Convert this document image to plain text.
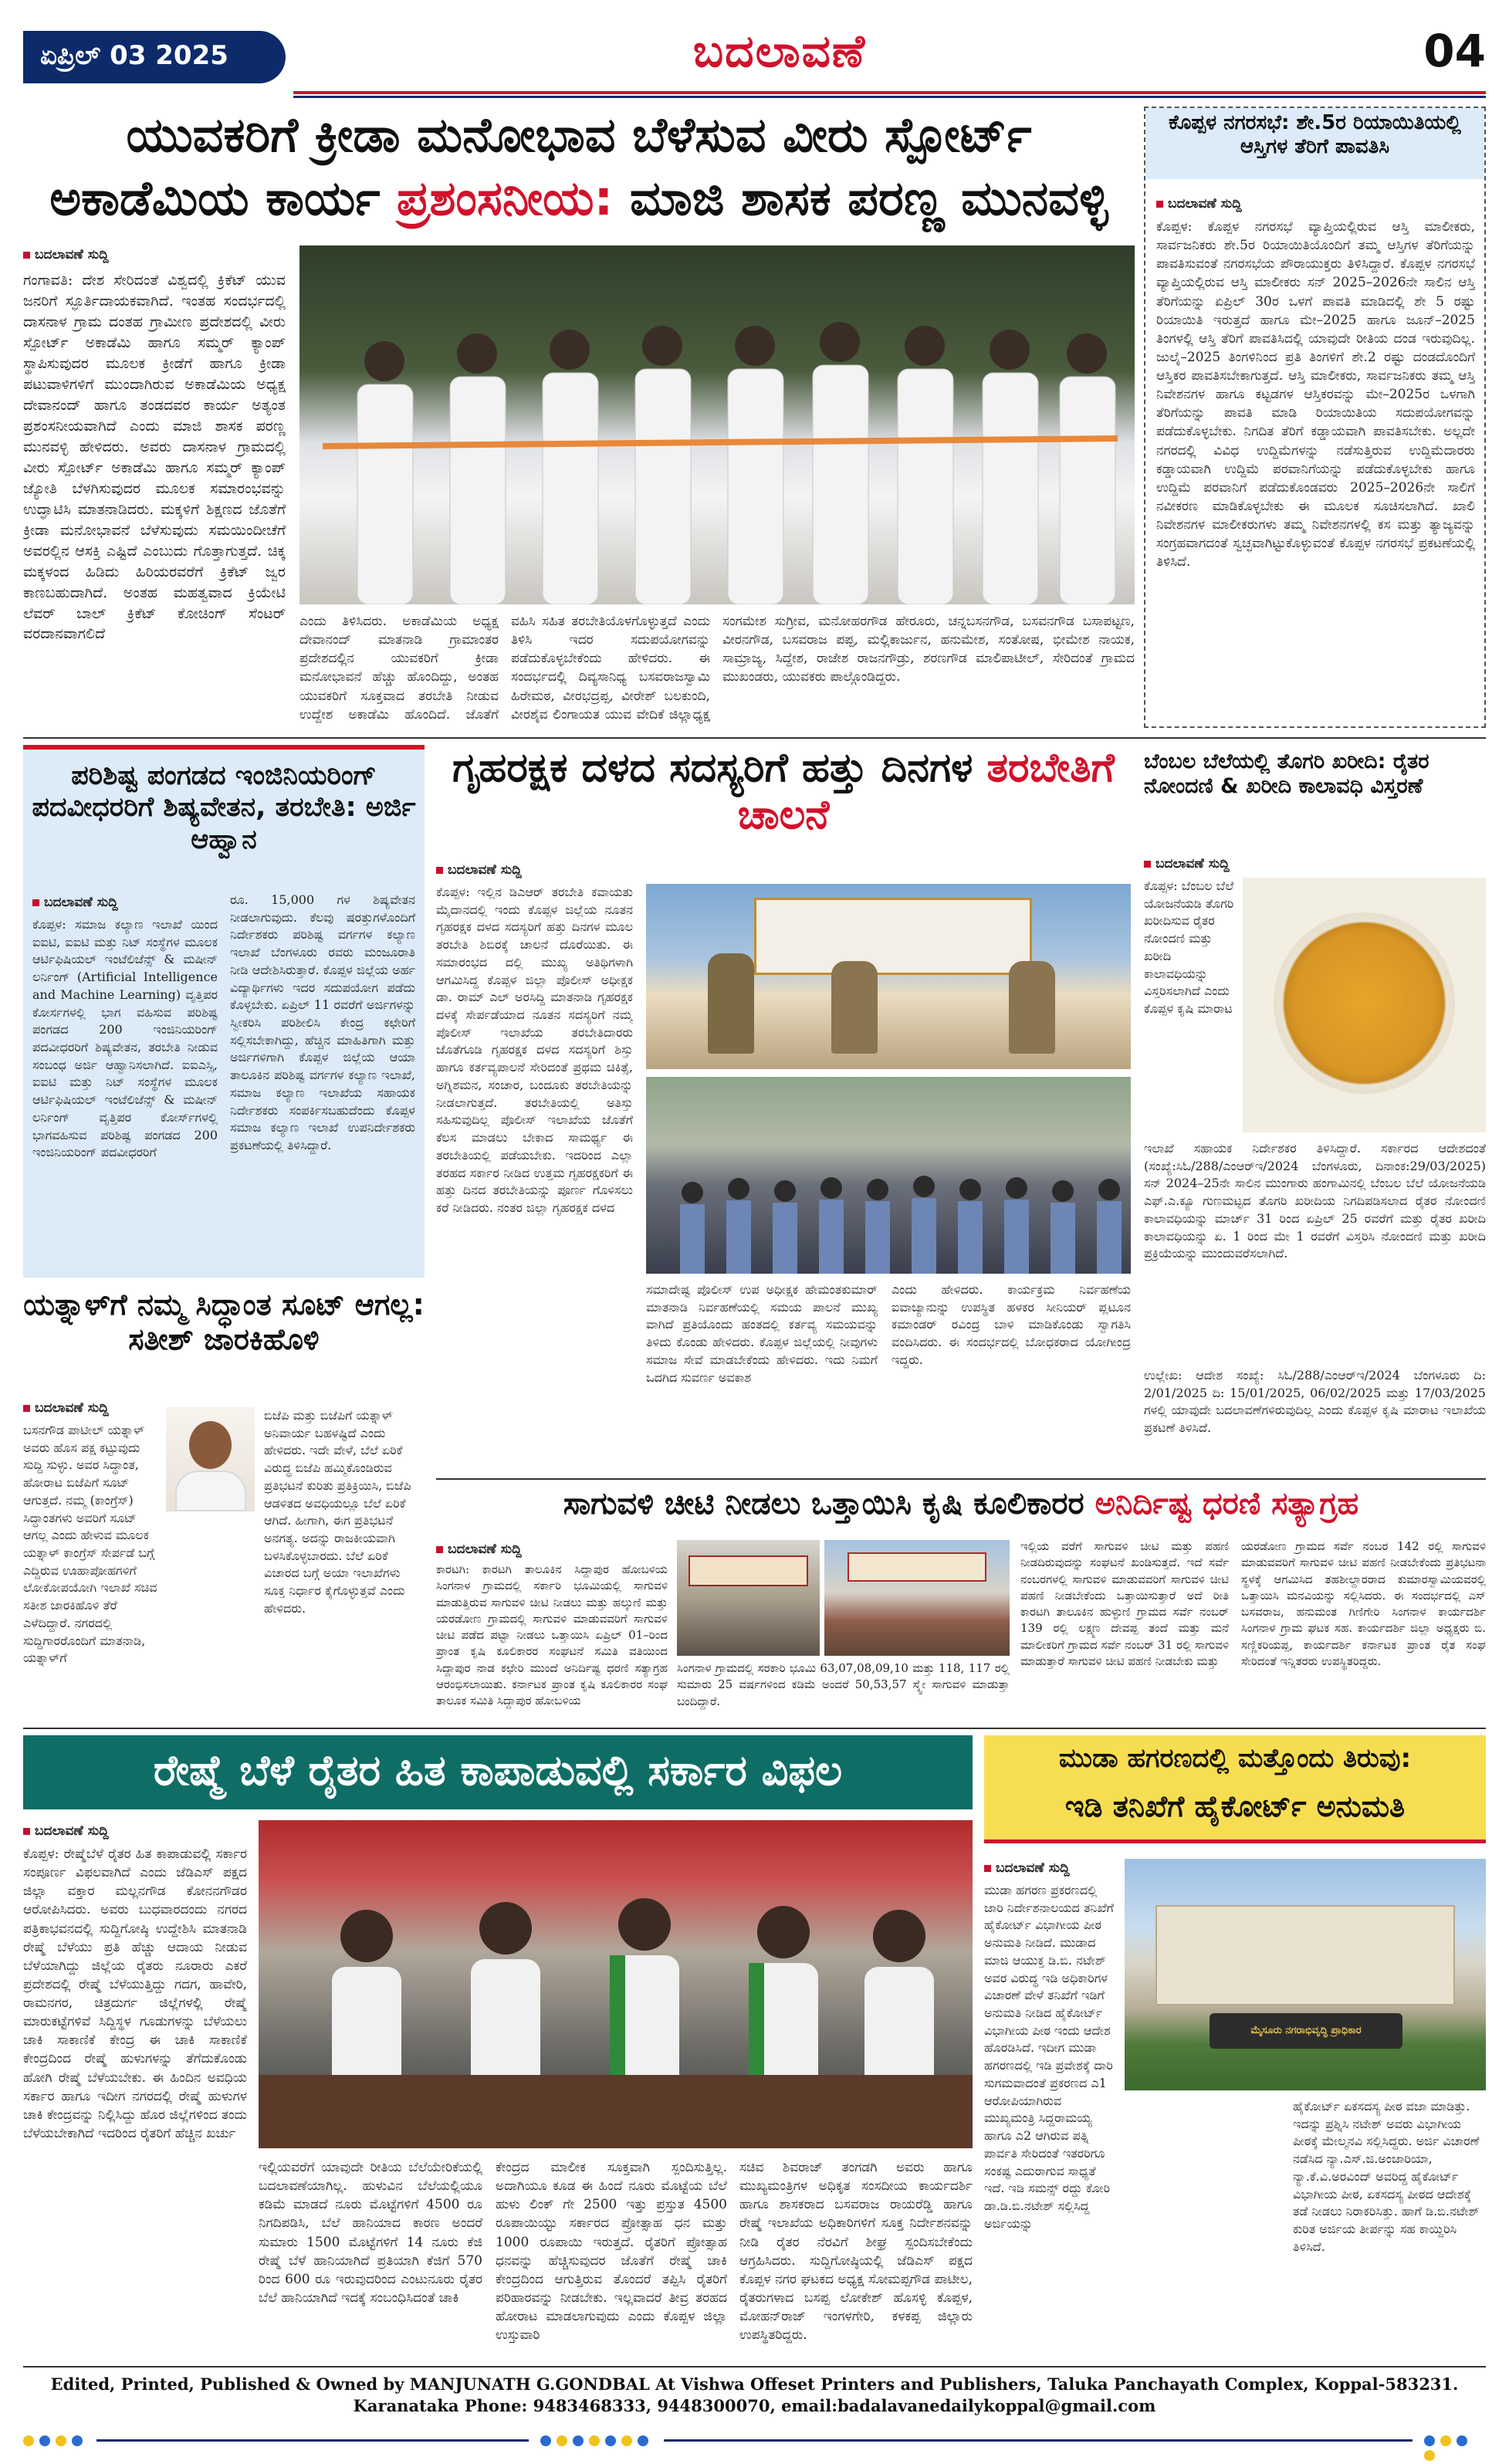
ಏಪ್ರಿಲ್ 03 2025	ಬದಲಾವಣೆ	04
ಯುವಕರಿಗೆ ಕ್ರೀಡಾ ಮನೋಭಾವ ಬೆಳೆಸುವ ವೀರು ಸ್ಪೋರ್ಟ್
ಅಕಾಡೆಮಿಯ ಕಾರ್ಯ ಪ್ರಶಂಸನೀಯ: ಮಾಜಿ ಶಾಸಕ ಪರಣ್ಣ ಮುನವಳ್ಳಿ
ಬದಲಾವಣೆ ಸುದ್ದಿ
ಗಂಗಾವತಿ: ದೇಶ ಸೇರಿದಂತೆ ವಿಶ್ವದಲ್ಲಿ ಕ್ರಿಕೆಟ್ ಯುವ ಜನರಿಗೆ ಸ್ಫೂರ್ತಿದಾಯಕವಾಗಿದೆ. ಇಂತಹ ಸಂದರ್ಭದಲ್ಲಿ ದಾಸನಾಳ ಗ್ರಾಮ ದಂತಹ ಗ್ರಾಮೀಣ ಪ್ರದೇಶದಲ್ಲಿ ವೀರು ಸ್ಪೋರ್ಟ್ ಅಕಾಡೆಮಿ ಹಾಗೂ ಸಮ್ಮರ್ ಕ್ಯಾಂಪ್ ಸ್ಥಾಪಿಸುವುದರ ಮೂಲಕ ಕ್ರೀಡೆಗೆ ಹಾಗೂ ಕ್ರೀಡಾ ಪಟುವಾಳಿಗಳಿಗೆ ಮುಂದಾಗಿರುವ ಅಕಾಡೆಮಿಯ ಅಧ್ಯಕ್ಷ ದೇವಾನಂದ್ ಹಾಗೂ ತಂಡದವರ ಕಾರ್ಯ ಅತ್ಯಂತ ಪ್ರಶಂಸನೀಯವಾಗಿದೆ ಎಂದು ಮಾಜಿ ಶಾಸಕ ಪರಣ್ಣ ಮುನವಳ್ಳಿ ಹೇಳಿದರು. ಅವರು ದಾಸನಾಳ ಗ್ರಾಮದಲ್ಲಿ ವೀರು ಸ್ಪೋರ್ಟ್ ಅಕಾಡೆಮಿ ಹಾಗೂ ಸಮ್ಮರ್ ಕ್ಯಾಂಪ್ ಜ್ಯೋತಿ ಬೆಳಗಿಸುವುದರ ಮೂಲಕ ಸಮಾರಂಭವನ್ನು ಉದ್ಘಾಟಿಸಿ ಮಾತನಾಡಿದರು. ಮಕ್ಕಳಿಗೆ ಶಿಕ್ಷಣದ ಜೊತೆಗೆ ಕ್ರೀಡಾ ಮನೋಭಾವನೆ ಬೆಳೆಸುವುದು ಸಮಯಿಂದೀಚೆಗೆ ಅವರಲ್ಲಿನ ಆಸಕ್ತಿ ಎಷ್ಟಿದೆ ಎಂಬುದು ಗೊತ್ತಾಗುತ್ತದೆ. ಚಿಕ್ಕ ಮಕ್ಕಳಂದ ಹಿಡಿದು ಹಿರಿಯರವರೆಗೆ ಕ್ರಿಕೆಟ್ ಜ್ವರ ಕಾಣಬಹುದಾಗಿದೆ. ಅಂತಹ ಮಹತ್ವವಾದ ಕ್ರಿಯೇಟಿ ಲೆವರ್ ಬಾಲ್ ಕ್ರಿಕೆಟ್ ಕೋಚಿಂಗ್ ಸೆಂಟರ್ ವರದಾನವಾಗಲಿದೆ
ಎಂದು ತಿಳಿಸಿದರು. ಅಕಾಡೆಮಿಯ ಅಧ್ಯಕ್ಷ ದೇವಾನಂದ್ ಮಾತನಾಡಿ ಗ್ರಾಮಾಂತರ ಪ್ರದೇಶದಲ್ಲಿನ ಯುವಕರಿಗೆ ಕ್ರೀಡಾ ಮನೋಭಾವನೆ ಹೆಚ್ಚು ಹೊಂದಿದ್ದು, ಅಂತಹ ಯುವಕರಿಗೆ ಸೂಕ್ತವಾದ ತರಬೇತಿ ನೀಡುವ ಉದ್ದೇಶ ಅಕಾಡೆಮಿ ಹೊಂದಿದೆ. ಜೊತೆಗೆ
ವಹಿಸಿ ಸಹಿತ ತರಬೇತಿಯೊಳಗೊಳ್ಳುತ್ತದೆ ಎಂದು ತಿಳಿಸಿ ಇದರ ಸದುಪಯೋಗವನ್ನು ಪಡೆದುಕೊಳ್ಳಬೇಕೆಂದು ಹೇಳಿದರು. ಈ ಸಂದರ್ಭದಲ್ಲಿ ದಿವ್ಯಸಾನಿಧ್ಯ ಬಸವರಾಜಸ್ವಾಮಿ ಹಿರೇಮಠ, ವೀರಭದ್ರಪ್ಪ, ವೀರೇಶ್ ಬಲಕುಂದಿ, ವೀರಶೈವ ಲಿಂಗಾಯತ ಯುವ ವೇದಿಕೆ ಜಿಲ್ಲಾಧ್ಯಕ್ಷ
ಸಂಗಮೇಶ ಸುಗ್ರೀವ, ಮನೋಹರಗೌಡ ಹೇರೂರು, ಚನ್ನಬಸನಗೌಡ, ಬಸವನಗೌಡ ಬಸಾಪಟ್ಟಣ, ವೀರನಗೌಡ, ಬಸವರಾಜ ಪಪ್ಪ, ಮಲ್ಲಿಕಾರ್ಜುನ, ಹನುಮೇಶ, ಸಂತೋಷ, ಭೀಮೇಶ ನಾಯಕ, ಸಾಮ್ರಾಜ್ಯ, ಸಿದ್ದೇಶ, ರಾಜೇಶ ರಾಜನಗೌಡ್ರು, ಶರಣಗೌಡ ಮಾಲಿಪಾಟೀಲ್, ಸೇರಿದಂತೆ ಗ್ರಾಮದ ಮುಖಂಡರು, ಯುವಕರು ಪಾಲ್ಗೊಂಡಿದ್ದರು.
ಕೊಪ್ಪಳ ನಗರಸಭೆ: ಶೇ.5ರ ರಿಯಾಯಿತಿಯಲ್ಲಿ ಆಸ್ತಿಗಳ ತೆರಿಗೆ ಪಾವತಿಸಿ
ಬದಲಾವಣೆ ಸುದ್ದಿ
ಕೊಪ್ಪಳ: ಕೊಪ್ಪಳ ನಗರಸಭೆ ವ್ಯಾಪ್ತಿಯಲ್ಲಿರುವ ಆಸ್ತಿ ಮಾಲೀಕರು, ಸಾರ್ವಜನಿಕರು ಶೇ.5ರ ರಿಯಾಯಿತಿಯೊಂದಿಗೆ ತಮ್ಮ ಆಸ್ತಿಗಳ ತೆರಿಗೆಯನ್ನು ಪಾವತಿಸುವಂತೆ ನಗರಸಭೆಯ ಪೌರಾಯುಕ್ತರು ತಿಳಿಸಿದ್ದಾರೆ. ಕೊಪ್ಪಳ ನಗರಸಭೆ ವ್ಯಾಪ್ತಿಯಲ್ಲಿರುವ ಆಸ್ತಿ ಮಾಲೀಕರು ಸನ್ 2025–2026ನೇ ಸಾಲಿನ ಆಸ್ತಿ ತೆರಿಗೆಯನ್ನು ಏಪ್ರಿಲ್ 30ರ ಒಳಗೆ ಪಾವತಿ ಮಾಡಿದಲ್ಲಿ ಶೇ 5 ರಷ್ಟು ರಿಯಾಯಿತಿ ಇರುತ್ತದೆ ಹಾಗೂ ಮೇ–2025 ಹಾಗೂ ಜೂನ್–2025 ತಿಂಗಳಲ್ಲಿ ಆಸ್ತಿ ತೆರಿಗೆ ಪಾವತಿಸಿದಲ್ಲಿ ಯಾವುದೇ ರೀತಿಯ ದಂಡ ಇರುವುದಿಲ್ಲ. ಜುಲೈ–2025 ತಿಂಗಳಿನಿಂದ ಪ್ರತಿ ತಿಂಗಳಿಗೆ ಶೇ.2 ರಷ್ಟು ದಂಡದೊಂದಿಗೆ ಆಸ್ತಿಕರ ಪಾವತಿಸಬೇಕಾಗುತ್ತದೆ. ಆಸ್ತಿ ಮಾಲೀಕರು, ಸಾರ್ವಜನಿಕರು ತಮ್ಮ ಆಸ್ತಿ ನಿವೇಶನಗಳ ಹಾಗೂ ಕಟ್ಟಡಗಳ ಆಸ್ತಿಕರವನ್ನು ಮೇ–2025ರ ಒಳಗಾಗಿ ತೆರಿಗೆಯನ್ನು ಪಾವತಿ ಮಾಡಿ ರಿಯಾಯಿತಿಯ ಸದುಪಯೋಗವನ್ನು ಪಡೆದುಕೊಳ್ಳಬೇಕು. ನಿಗದಿತ ತೆರಿಗೆ ಕಡ್ಡಾಯವಾಗಿ ಪಾವತಿಸಬೇಕು. ಅಲ್ಲದೇ ನಗರದಲ್ಲಿ ವಿವಿಧ ಉದ್ದಿಮೆಗಳನ್ನು ನಡೆಸುತ್ತಿರುವ ಉದ್ದಿಮೆದಾರರು ಕಡ್ಡಾಯವಾಗಿ ಉದ್ದಿಮೆ ಪರವಾನಿಗೆಯನ್ನು ಪಡೆದುಕೊಳ್ಳಬೇಕು ಹಾಗೂ ಉದ್ದಿಮೆ ಪರವಾನಿಗೆ ಪಡೆದುಕೊಂಡವರು 2025–2026ನೇ ಸಾಲಿಗೆ ನವೀಕರಣ ಮಾಡಿಕೊಳ್ಳಬೇಕು ಈ ಮೂಲಕ ಸೂಚಿಸಲಾಗಿದೆ. ಖಾಲಿ ನಿವೇಶನಗಳ ಮಾಲೀಕರುಗಳು ತಮ್ಮ ನಿವೇಶನಗಳಲ್ಲಿ ಕಸ ಮತ್ತು ತ್ಯಾಜ್ಯವನ್ನು ಸಂಗ್ರಹವಾಗದಂತೆ ಸ್ವಚ್ಛವಾಗಿಟ್ಟುಕೊಳ್ಳುವಂತೆ ಕೊಪ್ಪಳ ನಗರಸಭೆ ಪ್ರಕಟಣೆಯಲ್ಲಿ ತಿಳಿಸಿದೆ.
ಪರಿಶಿಷ್ಟ ಪಂಗಡದ ಇಂಜಿನಿಯರಿಂಗ್ ಪದವೀಧರರಿಗೆ ಶಿಷ್ಯವೇತನ, ತರಬೇತಿ: ಅರ್ಜಿ ಆಹ್ವಾನ
ಬದಲಾವಣೆ ಸುದ್ದಿ
ಕೊಪ್ಪಳ: ಸಮಾಜ ಕಲ್ಯಾಣ ಇಲಾಖೆ ಯಿಂದ ಐಐಟಿ, ಐಐಟಿ ಮತ್ತು ನಿಟ್ ಸಂಸ್ಥೆಗಳ ಮೂಲಕ ಆರ್ಟಿಫಿಷಿಯಲ್ ಇಂಟೆಲಿಜೆನ್ಸ್ & ಮಷೀನ್ ಲರ್ನಿಂಗ್ (Artificial Intelligence and Machine Learning) ವೃತ್ತಿಪರ ಕೋರ್ಸಗಳಲ್ಲಿ ಭಾಗ ವಹಿಸುವ ಪರಿಶಿಷ್ಟ ಪಂಗಡದ 200 ಇಂಜಿನಿಯರಿಂಗ್ ಪದವೀಧರರಿಗೆ ಶಿಷ್ಯವೇತನ, ತರಬೇತಿ ನೀಡುವ ಸಂಬಂಧ ಅರ್ಜಿ ಆಹ್ವಾನಿಸಲಾಗಿದೆ. ಐಐಎಸ್ಸಿ, ಐಐಟಿ ಮತ್ತು ನಿಟ್ ಸಂಸ್ಥೆಗಳ ಮೂಲಕ ಆರ್ಟಿಫಿಷಿಯಲ್ ಇಂಟೆಲಿಜೆನ್ಸ್ & ಮಷೀನ್ ಲರ್ನಿಂಗ್ ವೃತ್ತಿಪರ ಕೋರ್ಸ್‌ಗಳಲ್ಲಿ ಭಾಗವಹಿಸುವ ಪರಿಶಿಷ್ಟ ಪಂಗಡದ 200 ಇಂಜಿನಿಯರಿಂಗ್ ಪದವೀಧರರಿಗೆ
ರೂ. 15,000 ಗಳ ಶಿಷ್ಯವೇತನ ನೀಡಲಾಗುವುದು. ಕೆಲವು ಷರತ್ತುಗಳೊಂದಿಗೆ ನಿರ್ದೇಶಕರು ಪರಿಶಿಷ್ಟ ವರ್ಗಗಳ ಕಲ್ಯಾಣ ಇಲಾಖೆ ಬೆಂಗಳೂರು ರವರು ಮಂಜೂರಾತಿ ನೀಡಿ ಆದೇಶಿಸಿರುತ್ತಾರೆ. ಕೊಪ್ಪಳ ಜಿಲ್ಲೆಯ ಅರ್ಹ ವಿದ್ಯಾರ್ಥಿಗಳು ಇದರ ಸದುಪಯೋಗ ಪಡೆದು ಕೊಳ್ಳಬೇಕು. ಏಪ್ರಿಲ್ 11 ರವರೆಗೆ ಅರ್ಜಿಗಳನ್ನು ಸ್ವೀಕರಿಸಿ ಪರಿಶೀಲಿಸಿ ಕೇಂದ್ರ ಕಛೇರಿಗೆ ಸಲ್ಲಿಸಬೇಕಾಗಿದ್ದು, ಹೆಚ್ಚಿನ ಮಾಹಿತಿಗಾಗಿ ಮತ್ತು ಅರ್ಜಿಗಳಿಗಾಗಿ ಕೊಪ್ಪಳ ಜಿಲ್ಲೆಯ ಆಯಾ ತಾಲೂಕಿನ ಪರಿಶಿಷ್ಟ ವರ್ಗಗಳ ಕಲ್ಯಾಣ ಇಲಾಖೆ, ಸಮಾಜ ಕಲ್ಯಾಣ ಇಲಾಖೆಯ ಸಹಾಯಕ ನಿರ್ದೇಶಕರು ಸಂಪರ್ಕಿಸಬಹುದೆಂದು ಕೊಪ್ಪಳ ಸಮಾಜ ಕಲ್ಯಾಣ ಇಲಾಖೆ ಉಪನಿರ್ದೇಶಕರು ಪ್ರಕಟಣೆಯಲ್ಲಿ ತಿಳಿಸಿದ್ದಾರೆ.
ಗೃಹರಕ್ಷಕ ದಳದ ಸದಸ್ಯರಿಗೆ ಹತ್ತು ದಿನಗಳ ತರಬೇತಿಗೆ ಚಾಲನೆ
ಬದಲಾವಣೆ ಸುದ್ದಿ
ಕೊಪ್ಪಳ: ಇಲ್ಲಿನ ಡಿಎಆರ್ ತರಬೇತಿ ಕವಾಯತು ಮೈದಾನದಲ್ಲಿ ಇಂದು ಕೊಪ್ಪಳ ಜಿಲ್ಲೆಯ ನೂತನ ಗೃಹರಕ್ಷಕ ದಳದ ಸದಸ್ಯರಿಗೆ ಹತ್ತು ದಿನಗಳ ಮೂಲ ತರಬೇತಿ ಶಿಬಿರಕ್ಕೆ ಚಾಲನೆ ದೊರೆಯಿತು. ಈ ಸಮಾರಂಭದ ದಲ್ಲಿ ಮುಖ್ಯ ಅತಿಥಿಗಳಾಗಿ ಆಗಮಿಸಿದ್ದ ಕೊಪ್ಪಳ ಜಿಲ್ಲಾ ಪೊಲೀಸ್ ಅಧೀಕ್ಷಕ ಡಾ. ರಾಮ್ ಎಲ್ ಅರಸಿದ್ದಿ ಮಾತನಾಡಿ ಗೃಹರಕ್ಷಕ ದಳಕ್ಕೆ ಸೇರ್ಪಡೆಯಾದ ನೂತನ ಸದಸ್ಯರಿಗೆ ನಮ್ಮ ಪೊಲೀಸ್ ಇಲಾಖೆಯ ತರಬೇತಿದಾರರು ಜೊತೆಗೂಡಿ ಗೃಹರಕ್ಷಕ ದಳದ ಸದಸ್ಯರಿಗೆ ಶಿಸ್ತು ಹಾಗೂ ಕರ್ತವ್ಯಪಾಲನೆ ಸೇರಿದಂತೆ ಪ್ರಥಮ ಚಿಕಿತ್ಸೆ, ಅಗ್ನಿಶಮನ, ಸಂಚಾರ, ಬಂದೂಕು ತರಬೇತಿಯನ್ನು ನೀಡಲಾಗುತ್ತದೆ. ತರಬೇತಿಯಲ್ಲಿ ಅತಿಸ್ತು ಸಹಿಸುವುದಿಲ್ಲ ಪೊಲೀಸ್ ಇಲಾಖೆಯ ಜೊತೆಗೆ ಕೆಲಸ ಮಾಡಲು ಬೇಕಾದ ಸಾಮರ್ಥ್ಯ ಈ ತರಬೇತಿಯಲ್ಲಿ ಪಡೆಯಬೇಕು. ಇದರಿಂದ ಎಲ್ಲಾ ತರಹದ ಸರ್ಕಾರ ನೀಡಿದ ಉತ್ತಮ ಗೃಹರಕ್ಷಕರಿಗೆ ಈ ಹತ್ತು ದಿನದ ತರಬೇತಿಯನ್ನು ಪೂರ್ಣ ಗೊಳಿಸಲು ಕರೆ ನೀಡಿದರು. ನಂತರ ಜಿಲ್ಲಾ ಗೃಹರಕ್ಷಕ ದಳದ
ಸಮಾದೇಷ್ಟ ಪೊಲೀಸ್ ಉಪ ಅಧೀಕ್ಷಕ ಹೇಮಂತಕುಮಾರ್ ಮಾತನಾಡಿ ನಿರ್ವಹಣೆಯಲ್ಲಿ ಸಮಯ ಪಾಲನೆ ಮುಖ್ಯ ವಾಗಿದೆ ಪ್ರತಿಯೊಂದು ಹಂತದಲ್ಲಿ ಕರ್ತವ್ಯ ಸಮಯವನ್ನು ತಿಳಿದು ಕೊಂಡು ಹೇಳಿದರು. ಕೊಪ್ಪಳ ಜಿಲ್ಲೆಯಲ್ಲಿ ನೀವುಗಳು ಸಮಾಜ ಸೇವೆ ಮಾಡಬೇಕೆಂದು ಹೇಳಿದರು. ಇದು ನಿಮಗೆ ಒದಗಿದ ಸುವರ್ಣ ಅವಕಾಶ
ಎಂದು ಹೇಳಿದರು. ಕಾರ್ಯಕ್ರಮ ನಿರ್ವಹಣೆಯ ಐವಾಜ್ಯಾನುನ್ನು ಉಪಸ್ಥಿತ ಹಳಕರ ಸೀನಿಯರ್ ಪ್ಲಟೂನ ಕಮಾಂಡರ್ ರವಿಂದ್ರ ಬಾಳಿ ಮಾಡಿಕೊಂಡು ಸ್ವಾಗತಿಸಿ ವಂದಿಸಿದರು. ಈ ಸಂದರ್ಭದಲ್ಲಿ ಬೋಧಕರಾದ ಯೋಗೀಂದ್ರ ಇದ್ದರು.
ಬೆಂಬಲ ಬೆಲೆಯಲ್ಲಿ ತೊಗರಿ ಖರೀದಿ: ರೈತರ ನೋಂದಣಿ & ಖರೀದಿ ಕಾಲಾವಧಿ ವಿಸ್ತರಣೆ
ಬದಲಾವಣೆ ಸುದ್ದಿ
ಕೊಪ್ಪಳ: ಬೆಂಬಲ ಬೆಲೆ ಯೋಜನೆಯಡಿ ತೊಗರಿ ಖರೀದಿಸುವ ರೈತರ ನೋಂದಣಿ ಮತ್ತು ಖರೀದಿ ಕಾಲಾವಧಿಯನ್ನು ವಿಸ್ತರಿಸಲಾಗಿದೆ ಎಂದು ಕೊಪ್ಪಳ ಕೃಷಿ ಮಾರಾಟ
ಇಲಾಖೆ ಸಹಾಯಕ ನಿರ್ದೇಶಕರ ತಿಳಿಸಿದ್ದಾರೆ. ಸರ್ಕಾರದ ಆದೇಶದಂತೆ (ಸಂಖ್ಯೆ:ಸಿಓ/288/ಎಂಆರ್‌ಇ/2024 ಬೆಂಗಳೂರು, ದಿನಾಂಕ:29/03/2025) ಸನ್ 2024–25ನೇ ಸಾಲಿನ ಮುಂಗಾರು ಹಂಗಾಮಿನಲ್ಲಿ ಬೆಂಬಲ ಬೆಲೆ ಯೋಜನೆಯಡಿ ಎಫ್.ಎ.ಕ್ಯೂ ಗುಣಮಟ್ಟದ ತೊಗರಿ ಖರೀದಿಯ ನಿಗದಿಪಡಿಸಲಾದ ರೈತರ ನೋಂದಣಿ ಕಾಲಾವಧಿಯನ್ನು ಮಾರ್ಚ್ 31 ರಿಂದ ಏಪ್ರಿಲ್ 25 ರವರೆಗೆ ಮತ್ತು ರೈತರ ಖರೀದಿ ಕಾಲಾವಧಿಯನ್ನು ಏ. 1 ರಿಂದ ಮೇ 1 ರವರೆಗೆ ವಿಸ್ತರಿಸಿ ನೋಂದಣಿ ಮತ್ತು ಖರೀದಿ ಪ್ರಕ್ರಿಯೆಯನ್ನು ಮುಂದುವರೆಸಲಾಗಿದೆ.
ಉಲ್ಲೇಖ: ಆದೇಶ ಸಂಖ್ಯೆ: ಸಿಓ/288/ಎಂಆರ್‌ಇ/2024 ಬೆಂಗಳೂರು ದಿ: 2/01/2025 ದಿ: 15/01/2025, 06/02/2025 ಮತ್ತು 17/03/2025 ಗಳಲ್ಲಿ ಯಾವುದೇ ಬದಲಾವಣೆಗಳಿರುವುದಿಲ್ಲ ಎಂದು ಕೊಪ್ಪಳ ಕೃಷಿ ಮಾರಾಟ ಇಲಾಖೆಯ ಪ್ರಕಟಣೆ ತಿಳಿಸಿದೆ.
ಯತ್ನಾಳ್‌ಗೆ ನಮ್ಮ ಸಿದ್ಧಾಂತ ಸೂಟ್ ಆಗಲ್ಲ: ಸತೀಶ್ ಜಾರಕಿಹೊಳಿ
ಬದಲಾವಣೆ ಸುದ್ದಿ
ಬಸನಗೌಡ ಪಾಟೀಲ್ ಯತ್ನಾಳ್ ಅವರು ಹೊಸ ಪಕ್ಷ ಕಟ್ಟುವುದು ಸುದ್ದಿ ಸುಳ್ಳು. ಅವರ ಸಿದ್ಧಾಂತ, ಹೋರಾಟ ಬಿಜೆಪಿಗೆ ಸೂಟ್ ಆಗುತ್ತದೆ. ನಮ್ಮ (ಕಾಂಗ್ರೆಸ್) ಸಿದ್ಧಾಂತಗಳು ಅವರಿಗೆ ಸೂಟ್ ಆಗಲ್ಲ ಎಂದು ಹೇಳುವ ಮೂಲಕ ಯತ್ನಾಳ್ ಕಾಂಗ್ರೆಸ್ ಸೇರ್ಪಡೆ ಬಗ್ಗೆ ಎದ್ದಿರುವ ಊಹಾಪೋಹಗಳಿಗೆ ಲೋಕೋಪಯೋಗಿ ಇಲಾಖೆ ಸಚಿವ ಸತೀಶ ಜಾರಕಿಹೊಳಿ ತೆರೆ ಎಳೆದಿದ್ದಾರೆ. ನಗರದಲ್ಲಿ ಸುದ್ದಿಗಾರರೊಂದಿಗೆ ಮಾತನಾಡಿ, ಯತ್ನಾಳ್‌ಗೆ
ಬಿಜೆಪಿ ಮತ್ತು ಬಿಜೆಪಿಗೆ ಯತ್ನಾಳ್ ಅನಿವಾರ್ಯ ಬಹಳಷ್ಟಿದೆ ಎಂದು ಹೇಳಿದರು. ಇದೇ ವೇಳೆ, ಬೆಲೆ ಏರಿಕೆ ವಿರುದ್ಧ ಬಿಜೆಪಿ ಹಮ್ಮಿಕೊಂಡಿರುವ ಪ್ರತಿಭಟನೆ ಕುರಿತು ಪ್ರತಿಕ್ರಿಯಿಸಿ, ಬಿಜೆಪಿ ಆಡಳಿತದ ಅವಧಿಯಲ್ಲೂ ಬೆಲೆ ಏರಿಕೆ ಆಗಿದೆ. ಹೀಗಾಗಿ, ಈಗ ಪ್ರತಿಭಟನೆ ಅನಗತ್ಯ. ಅದನ್ನು ರಾಜಕೀಯವಾಗಿ ಬಳಸಿಕೊಳ್ಳಬಾರದು. ಬೆಲೆ ಏರಿಕೆ ವಿಚಾರದ ಬಗ್ಗೆ ಅಯಾ ಇಲಾಖೆಗಳು ಸೂಕ್ತ ನಿರ್ಧಾರ ಕೈಗೊಳ್ಳುತ್ತವೆ ಎಂದು ಹೇಳಿದರು.
ಸಾಗುವಳಿ ಚೀಟಿ ನೀಡಲು ಒತ್ತಾಯಿಸಿ ಕೃಷಿ ಕೂಲಿಕಾರರ ಅನಿರ್ದಿಷ್ಟ ಧರಣಿ ಸತ್ಯಾಗ್ರಹ
ಬದಲಾವಣೆ ಸುದ್ದಿ
ಕಾರಟಗಿ: ಕಾರಟಗಿ ತಾಲೂಕಿನ ಸಿದ್ದಾಪುರ ಹೋಬಳಿಯ ಸಿಂಗನಾಳ ಗ್ರಾಮದಲ್ಲಿ ಸರ್ಕಾರಿ ಭೂಮಿಯಲ್ಲಿ ಸಾಗುವಳಿ ಮಾಡುತ್ತಿರುವ ಸಾಗುವಳಿ ಚೀಟಿ ನೀಡಲು ಮತ್ತು ಹಲ್ಕುಣಿ ಮತ್ತು ಯರಡೋಣ ಗ್ರಾಮದಲ್ಲಿ ಸಾಗುವಳಿ ಮಾಡುವವರಿಗೆ ಸಾಗುವಳಿ ಚೀಟಿ ಪಡೆದ ಪಟ್ಟಾ ನೀಡಲು ಒತ್ತಾಯಿಸಿ ಏಪ್ರಿಲ್ 01–ರಿಂದ ಪ್ರಾಂತ ಕೃಷಿ ಕೂಲಿಕಾರರ ಸಂಘಟನೆ ಸಮಿತಿ ವತಿಯಿಂದ ಸಿದ್ದಾಪುರ ನಾಡ ಕಛೇರಿ ಮುಂದೆ ಅನಿರ್ದಿಷ್ಟ ಧರಣಿ ಸತ್ಯಾಗ್ರಹ ಆರಂಭಿಸಲಾಯಿತು. ಕರ್ನಾಟಕ ಪ್ರಾಂತ ಕೃಷಿ ಕೂಲಿಕಾರರ ಸಂಘ ತಾಲೂಕ ಸಮಿತಿ ಸಿದ್ದಾಪುರ ಹೋಬಳಿಯ
ಸಿಂಗನಾಳ ಗ್ರಾಮದಲ್ಲಿ ಸರಕಾರಿ ಭೂಮಿ 63,07,08,09,10 ಮತ್ತು 118, 117 ರಲ್ಲಿ ಸುಮಾರು 25 ವರ್ಷಗಳಿಂದ ಕಡಿಮೆ ಅಂದರೆ 50,53,57 ಸ್ಕ್ವೇ ಸಾಗುವಳಿ ಮಾಡುತ್ತಾ ಬಂದಿದ್ದಾರೆ.
ಇಲ್ಲಿಯ ವರೆಗೆ ಸಾಗುವಳಿ ಚೀಟಿ ಮತ್ತು ಪಹಣಿ ನೀಡದಿರುವುದನ್ನು ಸಂಘಟನೆ ಖಂಡಿಸುತ್ತದೆ. ಇದೆ ಸರ್ವೆ ನಂಬರಗಳಲ್ಲಿ ಸಾಗುವಳಿ ಮಾಡುವವರಿಗೆ ಸಾಗುವಳಿ ಚೀಟಿ ಪಹಣಿ ನೀಡಬೇಕೆಂದು ಒತ್ತಾಯಿಸುತ್ತಾರೆ ಅದೆ ರೀತಿ ಕಾರಟಗಿ ತಾಲೂಕಿನ ಹುಳ್ಳುಣಿ ಗ್ರಾಮದ ಸರ್ವೆ ನಂಬರ್ 139 ರಲ್ಲಿ ಲಕ್ಷ್ಮಣ ದೇವಪ್ಪ ತಂದೆ ಮತ್ತು ಮನೆ ಮಾಲೀಕರಿಗೆ ಗ್ರಾಮದ ಸರ್ವೆ ನಂಬರ್ 31 ರಲ್ಲಿ ಸಾಗುವಳಿ ಮಾಡುತ್ತಾರೆ ಸಾಗುವಳಿ ಚೀಟಿ ಪಹಣಿ ನೀಡಬೇಕು ಮತ್ತು
ಯರಡೋಣ ಗ್ರಾಮದ ಸರ್ವೆ ನಂಬರ 142 ರಲ್ಲಿ ಸಾಗುವಳಿ ಮಾಡುವವರಿಗೆ ಸಾಗುವಳಿ ಚೀಟಿ ಪಹಣಿ ನೀಡಬೇಕೆಂದು ಪ್ರತಿಭಟನಾ ಸ್ಥಳಕ್ಕೆ ಆಗಮಿಸಿದ ತಹಶೀಲ್ದಾರರಾದ ಕುಮಾರಸ್ವಾಮಿಯವರಲ್ಲಿ ಒತ್ತಾಯಿಸಿ ಮನವಿಯನ್ನು ಸಲ್ಲಿಸಿದರು. ಈ ಸಂದರ್ಭದಲ್ಲಿ ಎಸ್ ಬಸವರಾಜ, ಹನುಮಂತ ಗಿಣಿಗೇರಿ ಸಿಂಗನಾಳ ಕಾರ್ಯದರ್ಶಿ ಸಿಂಗನಾಳ ಗ್ರಾಮ ಘಟಕ ಸಹ. ಕಾರ್ಯದರ್ಶಿ ಜಿಲ್ಲಾ ಅಧ್ಯಕ್ಷರು ಬಿ. ಸಣ್ಣಿಕರಿಯಪ್ಪ, ಕಾರ್ಯದರ್ಶಿ ಕರ್ನಾಟಕ ಪ್ರಾಂತ ರೈತ ಸಂಘ ಸೇರಿದಂತೆ ಇನ್ನಿತರರು ಉಪಸ್ಥಿತರಿದ್ದರು.
ರೇಷ್ಮೆ ಬೆಳೆ ರೈತರ ಹಿತ ಕಾಪಾಡುವಲ್ಲಿ ಸರ್ಕಾರ ವಿಫಲ
ಬದಲಾವಣೆ ಸುದ್ದಿ
ಕೊಪ್ಪಳ: ರೇಷ್ಮೆಬೆಳೆ ರೈತರ ಹಿತ ಕಾಪಾಡುವಲ್ಲಿ ಸರ್ಕಾರ ಸಂಪೂರ್ಣ ವಿಫಲವಾಗಿದೆ ಎಂದು ಜೆಡಿಎಸ್ ಪಕ್ಷದ ಜಿಲ್ಲಾ ವಕ್ತಾರ ಮಲ್ಲನಗೌಡ ಕೋನನಗೌಡರ ಆರೋಪಿಸಿದರು. ಅವರು ಬುಧವಾರದಂದು ನಗರದ ಪತ್ರಿಕಾಭವನದಲ್ಲಿ ಸುದ್ದಿಗೋಷ್ಠಿ ಉದ್ದೇಶಿಸಿ ಮಾತನಾಡಿ ರೇಷ್ಮೆ ಬೆಳೆಯು ಪ್ರತಿ ಹೆಚ್ಚು ಆದಾಯ ನೀಡುವ ಬೆಳೆಯಾಗಿದ್ದು ಜಿಲ್ಲೆಯ ರೈತರು ನೂರಾರು ಎಕರೆ ಪ್ರದೇಶದಲ್ಲಿ ರೇಷ್ಮೆ ಬೆಳೆಯುತ್ತಿದ್ದು ಗದಗ, ಹಾವೇರಿ, ರಾಮನಗರ, ಚಿತ್ರದುರ್ಗ ಜಿಲ್ಲೆಗಳಲ್ಲಿ ರೇಷ್ಮೆ ಮಾರುಕಟ್ಟೆಗಳಿವೆ ಸಿದ್ದಿಸ್ಥಳ ಗೂಡುಗಳನ್ನು ಬೆಳೆಯಲು ಚಾಕಿ ಸಾಕಾಣಿಕೆ ಕೇಂದ್ರ ಈ ಚಾಕಿ ಸಾಕಾಣಿಕೆ ಕೇಂದ್ರದಿಂದ ರೇಷ್ಮೆ ಹುಳುಗಳನ್ನು ತೆಗೆದುಕೊಂಡು ಹೋಗಿ ರೇಷ್ಮೆ ಬೆಳೆಯಬೇಕು. ಈ ಹಿಂದಿನ ಅವಧಿಯ ಸರ್ಕಾರ ಹಾಗೂ ಇದೀಗ ನಗರದಲ್ಲಿ ರೇಷ್ಮೆ ಹುಳುಗಳ ಚಾಕಿ ಕೇಂದ್ರವನ್ನು ನಿಲ್ಲಿಸಿದ್ದು ಹೊರ ಜಿಲ್ಲೆಗಳಿಂದ ತಂದು ಬೆಳೆಯಬೇಕಾಗಿದೆ ಇದರಿಂದ ರೈತರಿಗೆ ಹೆಚ್ಚಿನ ಖರ್ಚು
ಇಲ್ಲಿಯವರೆಗೆ ಯಾವುದೇ ರೀತಿಯ ಬೆಲೆಯೇರಿಕೆಯಲ್ಲಿ ಬದಲಾವಣೆಯಾಗಿಲ್ಲ. ಹುಳುವಿನ ಬೆಲೆಯಲ್ಲಿಯೂ ಕಡಿಮೆ ಮಾಡದೆ ನೂರು ಮೊಟ್ಟೆಗಳಿಗೆ 4500 ರೂ ನಿಗದಿಪಡಿಸಿ, ಬೆಲೆ ಹಾನಿಯಾದ ಕಾರಣ ಅಂದರೆ ಸುಮಾರು 1500 ಮೊಟ್ಟೆಗಳಿಗೆ 14 ನೂರು ಕೆಜಿ ರೇಷ್ಮೆ ಬೆಳೆ ಹಾನಿಯಾಗಿದೆ ಪ್ರತಿಯಾಗಿ ಕೆಜಿಗೆ 570 ರಿಂದ 600 ರೂ ಇರುವುದರಿಂದ ಎಂಟುನೂರು ರೈತರ ಬೆಲೆ ಹಾನಿಯಾಗಿದೆ ಇದಕ್ಕೆ ಸಂಬಂಧಿಸಿದಂತೆ ಚಾಕಿ
ಕೇಂದ್ರದ ಮಾಲೀಕ ಸೂಕ್ತವಾಗಿ ಸ್ಪಂದಿಸುತ್ತಿಲ್ಲ. ಅದಾಗಿಯೂ ಕೂಡ ಈ ಹಿಂದೆ ನೂರು ಮೊಟ್ಟೆಯ ಬೆಲೆ ಹುಳು ಲಿಂಕ್ ಗೇ 2500 ಇತ್ತು ಪ್ರಸ್ತುತ 4500 ರೂಪಾಯಿಯ್ಟು ಸರ್ಕಾರದ ಪ್ರೋತ್ಸಾಹ ಧನ ಮತ್ತು 1000 ರೂಪಾಯಿ ಇರುತ್ತದೆ. ರೈತರಿಗೆ ಪ್ರೋತ್ಸಾಹ ಧನವನ್ನು ಹೆಚ್ಚಿಸುವುದರ ಜೊತೆಗೆ ರೇಷ್ಮೆ ಚಾಕಿ ಕೇಂದ್ರದಿಂದ ಆಗುತ್ತಿರುವ ತೊಂದರೆ ತಪ್ಪಿಸಿ ರೈತರಿಗೆ ಪರಿಹಾರವನ್ನು ನೀಡಬೇಕು. ಇಲ್ಲವಾದರೆ ತೀವ್ರ ತರಹದ ಹೋರಾಟ ಮಾಡಲಾಗುವುದು ಎಂದು ಕೊಪ್ಪಳ ಜಿಲ್ಲಾ ಉಸ್ತುವಾರಿ
ಸಚಿವ ಶಿವರಾಜ್ ತಂಗಡಗಿ ಅವರು ಹಾಗೂ ಮುಖ್ಯಮಂತ್ರಿಗಳ ಅಧಿಕೃತ ಸಂಸದೀಯ ಕಾರ್ಯದರ್ಶಿ ಹಾಗೂ ಶಾಸಕರಾದ ಬಸವರಾಜ ರಾಯರೆಡ್ಡಿ ಹಾಗೂ ರೇಷ್ಮೆ ಇಲಾಖೆಯ ಅಧಿಕಾರಿಗಳಿಗೆ ಸೂಕ್ತ ನಿರ್ದೇಶನವನ್ನು ನೀಡಿ ರೈತರ ನೆರವಿಗೆ ಶೀಘ್ರ ಸ್ಪಂದಿಸಬೇಕೆಂದು ಆಗ್ರಹಿಸಿದರು. ಸುದ್ದಿಗೋಷ್ಠಿಯಲ್ಲಿ ಜೆಡಿಎಸ್ ಪಕ್ಷದ ಕೊಪ್ಪಳ ನಗರ ಘಟಕದ ಅಧ್ಯಕ್ಷ ಸೋಮಪ್ಪಗೌಡ ಪಾಟೀಲ, ರೈತರುಗಳಾದ ಬಸಪ್ಪ ಲೋಕೇಶ್ ಹೊಸಳ್ಳಿ ಕೊಪ್ಪಳ, ಮೋಹನ್‌ರಾಜ್ ಇಂಗಳಗೇರಿ, ಕಳಕಪ್ಪ ಜಿಲ್ಲಾರು ಉಪಸ್ಥಿತರಿದ್ದರು.
ಮುಡಾ ಹಗರಣದಲ್ಲಿ ಮತ್ತೊಂದು ತಿರುವು:
ಇಡಿ ತನಿಖೆಗೆ ಹೈಕೋರ್ಟ್ ಅನುಮತಿ
ಬದಲಾವಣೆ ಸುದ್ದಿ
ಮುಡಾ ಹಗರಣ ಪ್ರಕರಣದಲ್ಲಿ ಜಾರಿ ನಿರ್ದೇಶನಾಲಯದ ತನಿಖೆಗೆ ಹೈಕೋರ್ಟ್ ವಿಭಾಗೀಯ ಪೀಠ ಅನುಮತಿ ನೀಡಿದೆ. ಮುಡಾದ ಮಾಜಿ ಆಯುಕ್ತ ಡಿ.ಬಿ. ನಟೇಶ್ ಅವರ ವಿರುದ್ಧ ಇಡಿ ಅಧಿಕಾರಿಗಳ ವಿಚಾರಣೆ ವೇಳೆ ತನಿಖೆಗೆ ಇಡಿಗೆ ಅನುಮತಿ ನೀಡಿದ ಹೈಕೋರ್ಟ್ ವಿಭಾಗೀಯ ಪೀಠ ಇಂದು ಆದೇಶ ಹೊರಡಿಸಿದೆ. ಇದೀಗ ಮುಡಾ ಹಗರಣದಲ್ಲಿ ಇಡಿ ಪ್ರವೇಶಕ್ಕೆ ದಾರಿ ಸುಗಮವಾದಂತೆ ಪ್ರಕರಣದ ಎ1 ಆರೋಪಿಯಾಗಿರುವ ಮುಖ್ಯಮಂತ್ರಿ ಸಿದ್ದರಾಮಯ್ಯ ಹಾಗೂ ಎ2 ಆಗಿರುವ ಪತ್ನಿ ಪಾರ್ವತಿ ಸೇರಿದಂತೆ ಇತರರಿಗೂ ಸಂಕಷ್ಟ ಎದುರಾಗುವ ಸಾಧ್ಯತೆ ಇದೆ. ಇಡಿ ಸಮನ್ಸ್ ರದ್ದು ಕೋರಿ ಡಾ.ಡಿ.ಬಿ.ನಟೇಶ್ ಸಲ್ಲಿಸಿದ್ದ ಅರ್ಜಿಯನ್ನು
ಮೈಸೂರು ನಗರಾಭಿವೃದ್ಧಿ ಪ್ರಾಧಿಕಾರ
ಹೈಕೋರ್ಟ್ ಏಕಸದಸ್ಯ ಪೀಠ ವಜಾ ಮಾಡಿತ್ತು. ಇದನ್ನು ಪ್ರಶ್ನಿಸಿ ನಟೇಶ್ ಅವರು ವಿಭಾಗೀಯ ಪೀಠಕ್ಕೆ ಮೇಲ್ಮನವಿ ಸಲ್ಲಿಸಿದ್ದರು. ಅರ್ಜಿ ವಿಚಾರಣೆ ನಡೆಸಿದ ನ್ಯಾ.ಎಸ್.ಜಿ.ಅಂಜಾರಿಯಾ, ನ್ಯಾ.ಕೆ.ವಿ.ಅರವಿಂದ್ ಅವರಿದ್ದ ಹೈಕೋರ್ಟ್ ವಿಭಾಗೀಯ ಪೀಠ, ಏಕಸದಸ್ಯ ಪೀಠದ ಆದೇಶಕ್ಕೆ ತಡೆ ನೀಡಲು ನಿರಾಕರಿಸಿತ್ತು. ಹಾಗೆ ಡಿ.ಬಿ.ನಟೇಶ್ ಕುರಿತ ಅರ್ಜಿಯ ತೀರ್ಪನ್ನು ಸಹ ಕಾಯ್ದಿರಿಸಿ ತಿಳಿಸಿದೆ.
Edited, Printed, Published & Owned by MANJUNATH G.GONDBAL At Vishwa Offeset Printers and Publishers, Taluka Panchayath Complex, Koppal-583231.
Karanataka Phone: 9483468333, 9448300070, email:badalavanedailykoppal@gmail.com
